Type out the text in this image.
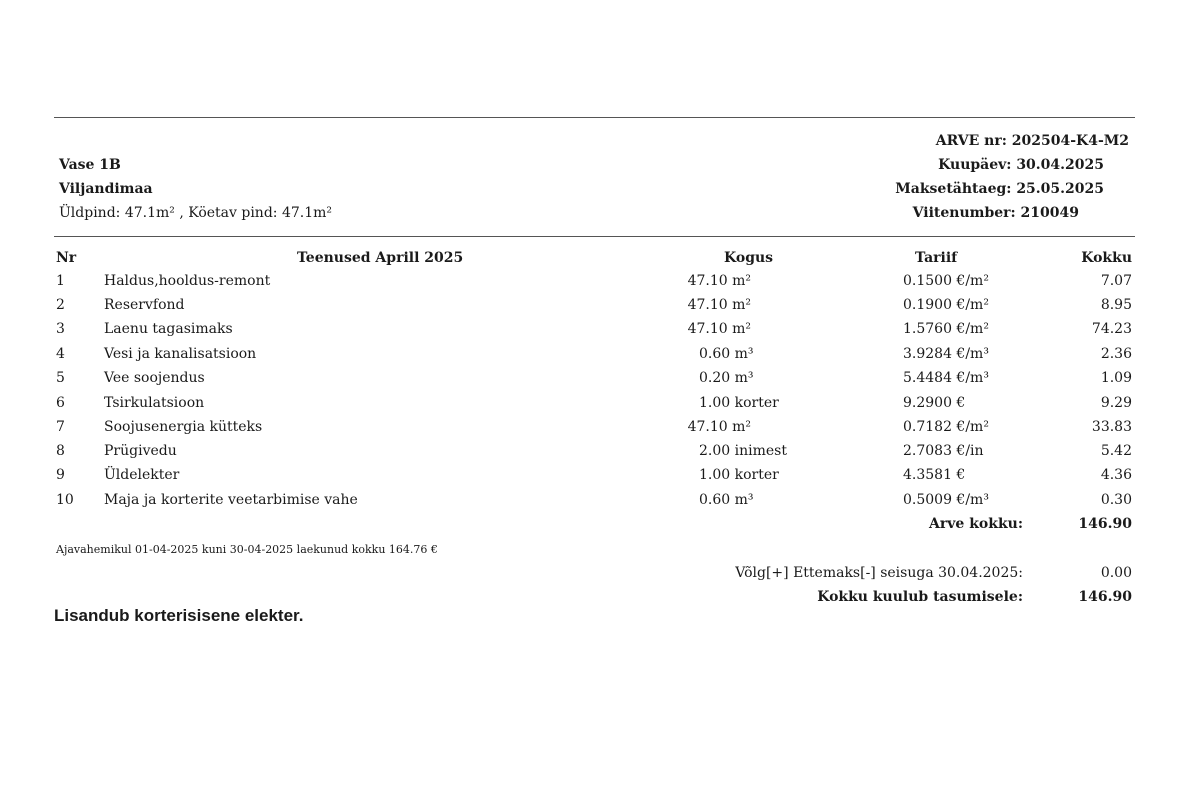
ARVE nr: 202504-K4-M2
Kuupäev: 30.04.2025
Maksetähtaeg: 25.05.2025
Viitenumber: 210049
Vase 1B
Viljandimaa
Üldpind: 47.1m² , Köetav pind: 47.1m²
Nr	Teenused Aprill 2025	Kogus	Tariif	Kokku
1	Haldus,hooldus-remont	47.10 m²	0.1500 €/m²	7.07
2	Reservfond	47.10 m²	0.1900 €/m²	8.95
3	Laenu tagasimaks	47.10 m²	1.5760 €/m²	74.23
4	Vesi ja kanalisatsioon	0.60 m³	3.9284 €/m³	2.36
5	Vee soojendus	0.20 m³	5.4484 €/m³	1.09
6	Tsirkulatsioon	1.00 korter	9.2900 €	9.29
7	Soojusenergia kütteks	47.10 m²	0.7182 €/m²	33.83
8	Prügivedu	2.00 inimest	2.7083 €/in	5.42
9	Üldelekter	1.00 korter	4.3581 €	4.36
10 Maja ja korterite veetarbimise vahe	0.60 m³	0.5009 €/m³	0.30
Arve kokku:	146.90
Ajavahemikul 01-04-2025 kuni 30-04-2025 laekunud kokku 164.76 €
Võlg[+] Ettemaks[-] seisuga 30.04.2025:	0.00
Kokku kuulub tasumisele:	146.90
Lisandub korterisisene elekter.
